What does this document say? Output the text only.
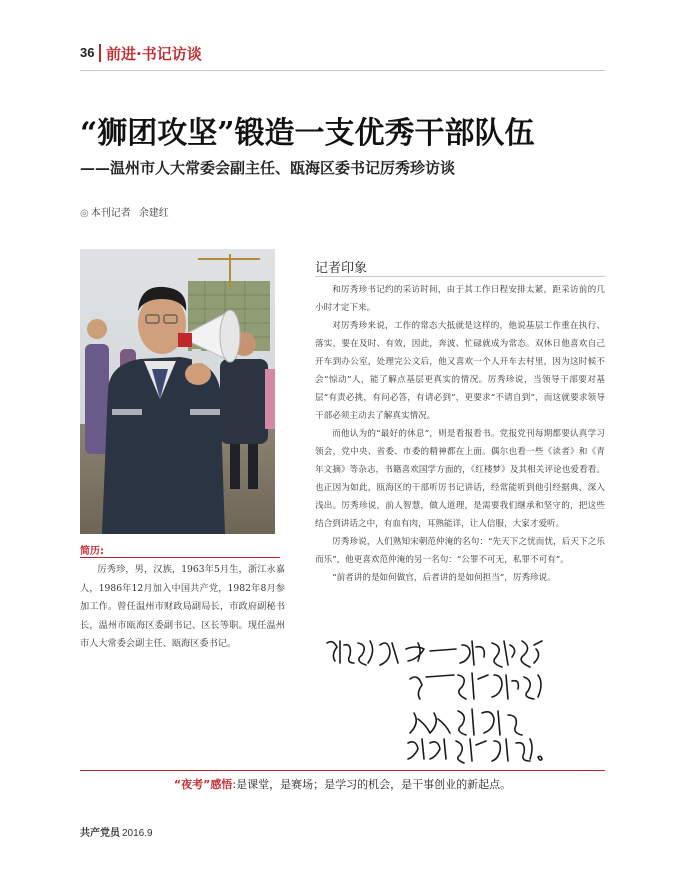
36 前进·书记访谈
“狮团攻坚”锻造一支优秀干部队伍
——温州市人大常委会副主任、瓯海区委书记厉秀珍访谈
◎ 本刊记者 余建红
简历:

厉秀珍，男，汉族，1963年5月生，浙江永嘉人，1986年12月加入中国共产党，1982年8月参加工作。曾任温州市财政局副局长，市政府副秘书长，温州市瓯海区委副书记、区长等职。现任温州市人大常委会副主任、瓯海区委书记。

记者印象

和厉秀珍书记约的采访时间，由于其工作日程安排太紧，距采访前的几小时才定下来。

对厉秀珍来说，工作的常态大抵就是这样的，他说基层工作重在执行、落实，要在及时、有效，因此，奔波、忙碌就成为常态。双休日他喜欢自己开车到办公室，处理完公文后，他又喜欢一个人开车去村里，因为这时候不会“惊动”人，能了解点基层更真实的情况。厉秀珍说，当领导干部要对基层“有责必挑，有问必答，有请必到”，更要求“不请自到”，而这就要求领导干部必须主动去了解真实情况。

而他认为的“最好的休息”，则是看报看书。党报党刊每期都要认真学习领会，党中央、省委、市委的精神都在上面。偶尔也看一些《读者》和《青年文摘》等杂志，书籍喜欢国学方面的，《红楼梦》及其相关评论也爱看看。也正因为如此，瓯海区的干部听厉书记讲话，经常能听到他引经据典，深入浅出。厉秀珍说，前人智慧，做人道理，是需要我们继承和坚守的，把这些结合到讲话之中，有血有肉，耳熟能详，让人信服，大家才爱听。

厉秀珍说，人们熟知宋朝范仲淹的名句：“先天下之忧而忧，后天下之乐而乐”，他更喜欢范仲淹的另一名句：“公罪不可无，私罪不可有”。

“前者讲的是如何做官，后者讲的是如何担当”，厉秀珍说。

“夜考”感悟:是课堂，是赛场；是学习的机会，是干事创业的新起点。
共产党员 2016.9
